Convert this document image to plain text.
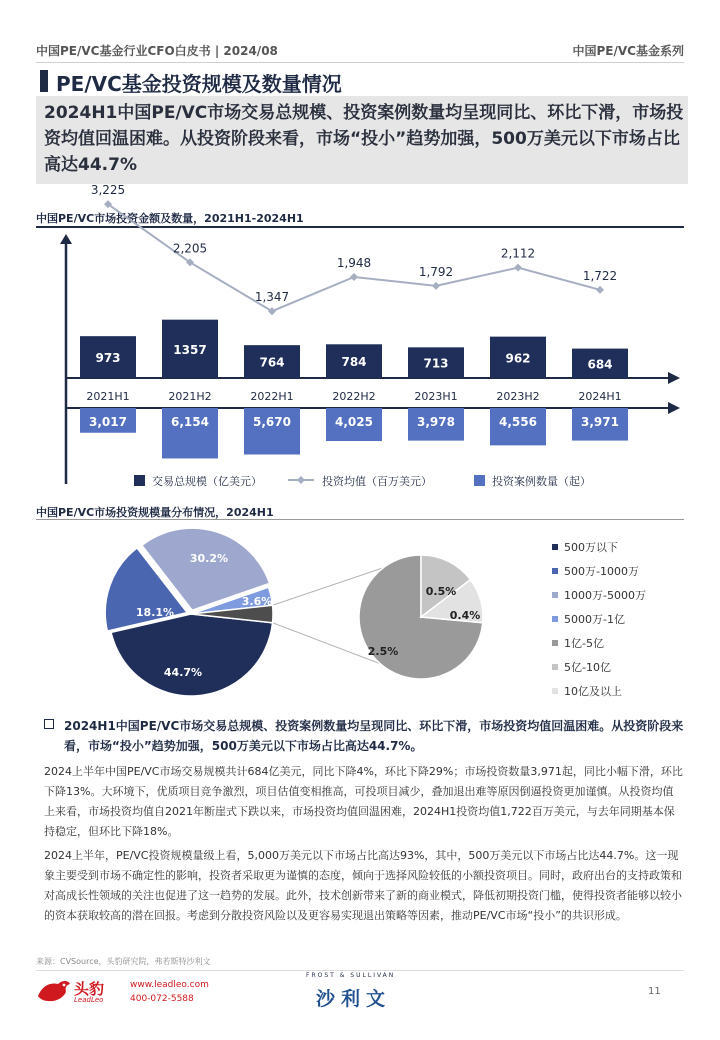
中国PE/VC基金行业CFO白皮书 | 2024/08	中国PE/VC基金系列
PE/VC基金投资规模及数量情况
2024H1中国PE/VC市场交易总规模、投资案例数量均呈现同比、环比下滑，市场投资均值回温困难。从投资阶段来看，市场“投小”趋势加强，500万美元以下市场占比高达44.7%
中国PE/VC市场投资金额及数量，2021H1-2024H1
973
1357
764	784	713	962	684
3,017	6,154	5,670	4,025	3,978	4,556	3,971
3,225
2,205
1,347
1,948
1,792
2,112
1,722
2021H1	2021H2	2022H1	2022H2	2023H1	2023H2	2024H1
交易总规模（亿美元）	投资均值（百万美元）	投资案例数量（起）
中国PE/VC市场投资规模量分布情况，2024H1
44.7%
18.1%
30.2%
3.6%
2.5%
0.5%
0.4%
500万以下
500万-1000万
1000万-5000万
5000万-1亿
1亿-5亿
5亿-10亿
10亿及以上
2024H1中国PE/VC市场交易总规模、投资案例数量均呈现同比、环比下滑，市场投资均值回温困难。从投资阶段来看，市场“投小”趋势加强，500万美元以下市场占比高达44.7%。
2024上半年中国PE/VC市场交易规模共计684亿美元，同比下降4%，环比下降29%；市场投资数量3,971起，同比小幅下滑，环比下降13%。大环境下，优质项目竞争激烈，项目估值变相推高，可投项目减少，叠加退出难等原因倒逼投资更加谨慎。从投资均值上来看，市场投资均值自2021年断崖式下跌以来，市场投资均值回温困难，2024H1投资均值1,722百万美元，与去年同期基本保持稳定，但环比下降18%。
2024上半年，PE/VC投资规模量级上看，5,000万美元以下市场占比高达93%，其中，500万美元以下市场占比达44.7%。这一现象主要受到市场不确定性的影响，投资者采取更为谨慎的态度，倾向于选择风险较低的小额投资项目。同时，政府出台的支持政策和对高成长性领域的关注也促进了这一趋势的发展。此外，技术创新带来了新的商业模式，降低初期投资门槛，使得投资者能够以较小的资本获取较高的潜在回报。考虑到分散投资风险以及更容易实现退出策略等因素，推动PE/VC市场“投小”的共识形成。
来源：CVSource，头豹研究院，弗若斯特沙利文
头豹
LeadLeo
www.leadleo.com
400-072-5588
FROST & SULLIVAN
沙利文	11
